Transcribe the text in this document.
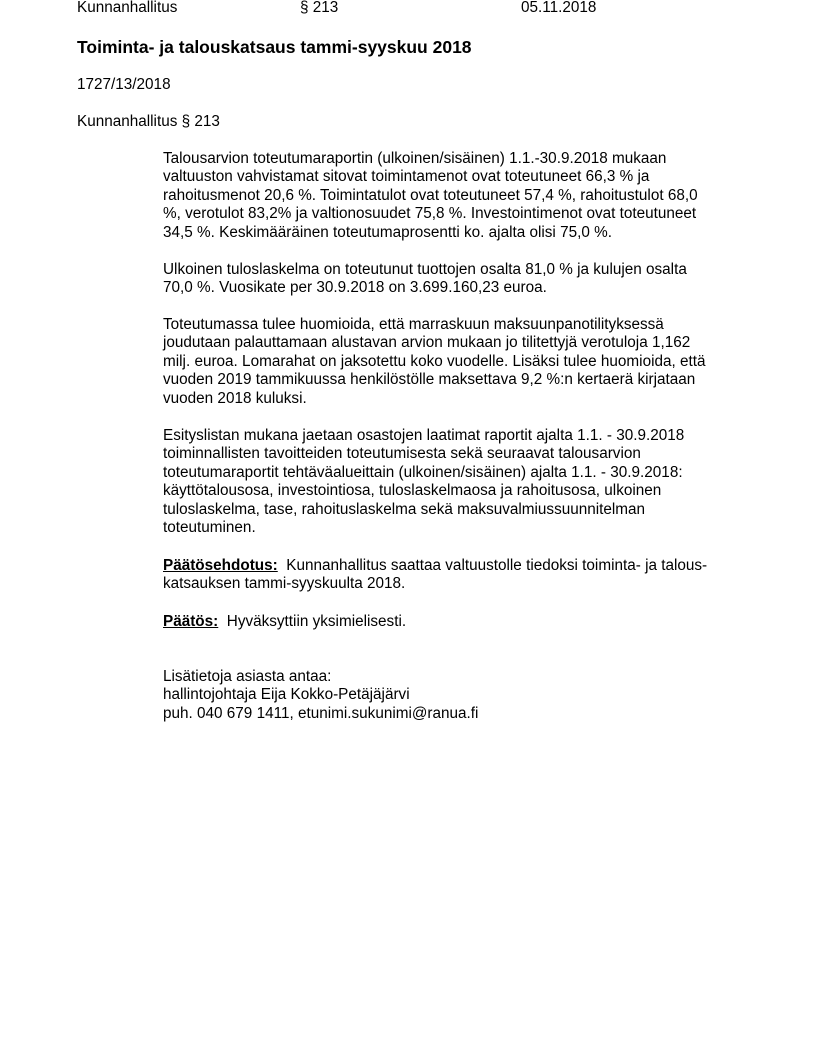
Kunnanhallitus	§ 213	05.11.2018
Toiminta- ja talouskatsaus tammi-syyskuu 2018
1727/13/2018
Kunnanhallitus § 213
Talousarvion toteutumaraportin (ulkoinen/sisäinen) 1.1.-30.9.2018 mukaan
valtuuston vahvistamat sitovat toimintamenot ovat toteutuneet 66,3 % ja
rahoitusmenot 20,6 %. Toimintatulot ovat toteutuneet 57,4 %, rahoitustulot 68,0
%, verotulot 83,2% ja valtionosuudet 75,8 %. Investointimenot ovat toteutuneet
34,5 %. Keskimääräinen toteutumaprosentti ko. ajalta olisi 75,0 %.
Ulkoinen tuloslaskelma on toteutunut tuottojen osalta 81,0 % ja kulujen osalta
70,0 %. Vuosikate per 30.9.2018 on 3.699.160,23 euroa.
Toteutumassa tulee huomioida, että marraskuun maksuunpanotilityksessä
joudutaan palauttamaan alustavan arvion mukaan jo tilitettyjä verotuloja 1,162
milj. euroa. Lomarahat on jaksotettu koko vuodelle. Lisäksi tulee huomioida, että
vuoden 2019 tammikuussa henkilöstölle maksettava 9,2 %:n kertaerä kirjataan
vuoden 2018 kuluksi.
Esityslistan mukana jaetaan osastojen laatimat raportit ajalta 1.1. - 30.9.2018
toiminnallisten tavoitteiden toteutumisesta sekä seuraavat talousarvion
toteutumaraportit tehtäväalueittain (ulkoinen/sisäinen) ajalta 1.1. - 30.9.2018:
käyttötalousosa, investointiosa, tuloslaskelmaosa ja rahoitusosa, ulkoinen
tuloslaskelma, tase, rahoituslaskelma sekä maksuvalmiussuunnitelman
toteutuminen.
Päätösehdotus: Kunnanhallitus saattaa valtuustolle tiedoksi toiminta- ja talous-
katsauksen tammi-syyskuulta 2018.
Päätös: Hyväksyttiin yksimielisesti.
Lisätietoja asiasta antaa:
hallintojohtaja Eija Kokko-Petäjäjärvi
puh. 040 679 1411, etunimi.sukunimi@ranua.fi
